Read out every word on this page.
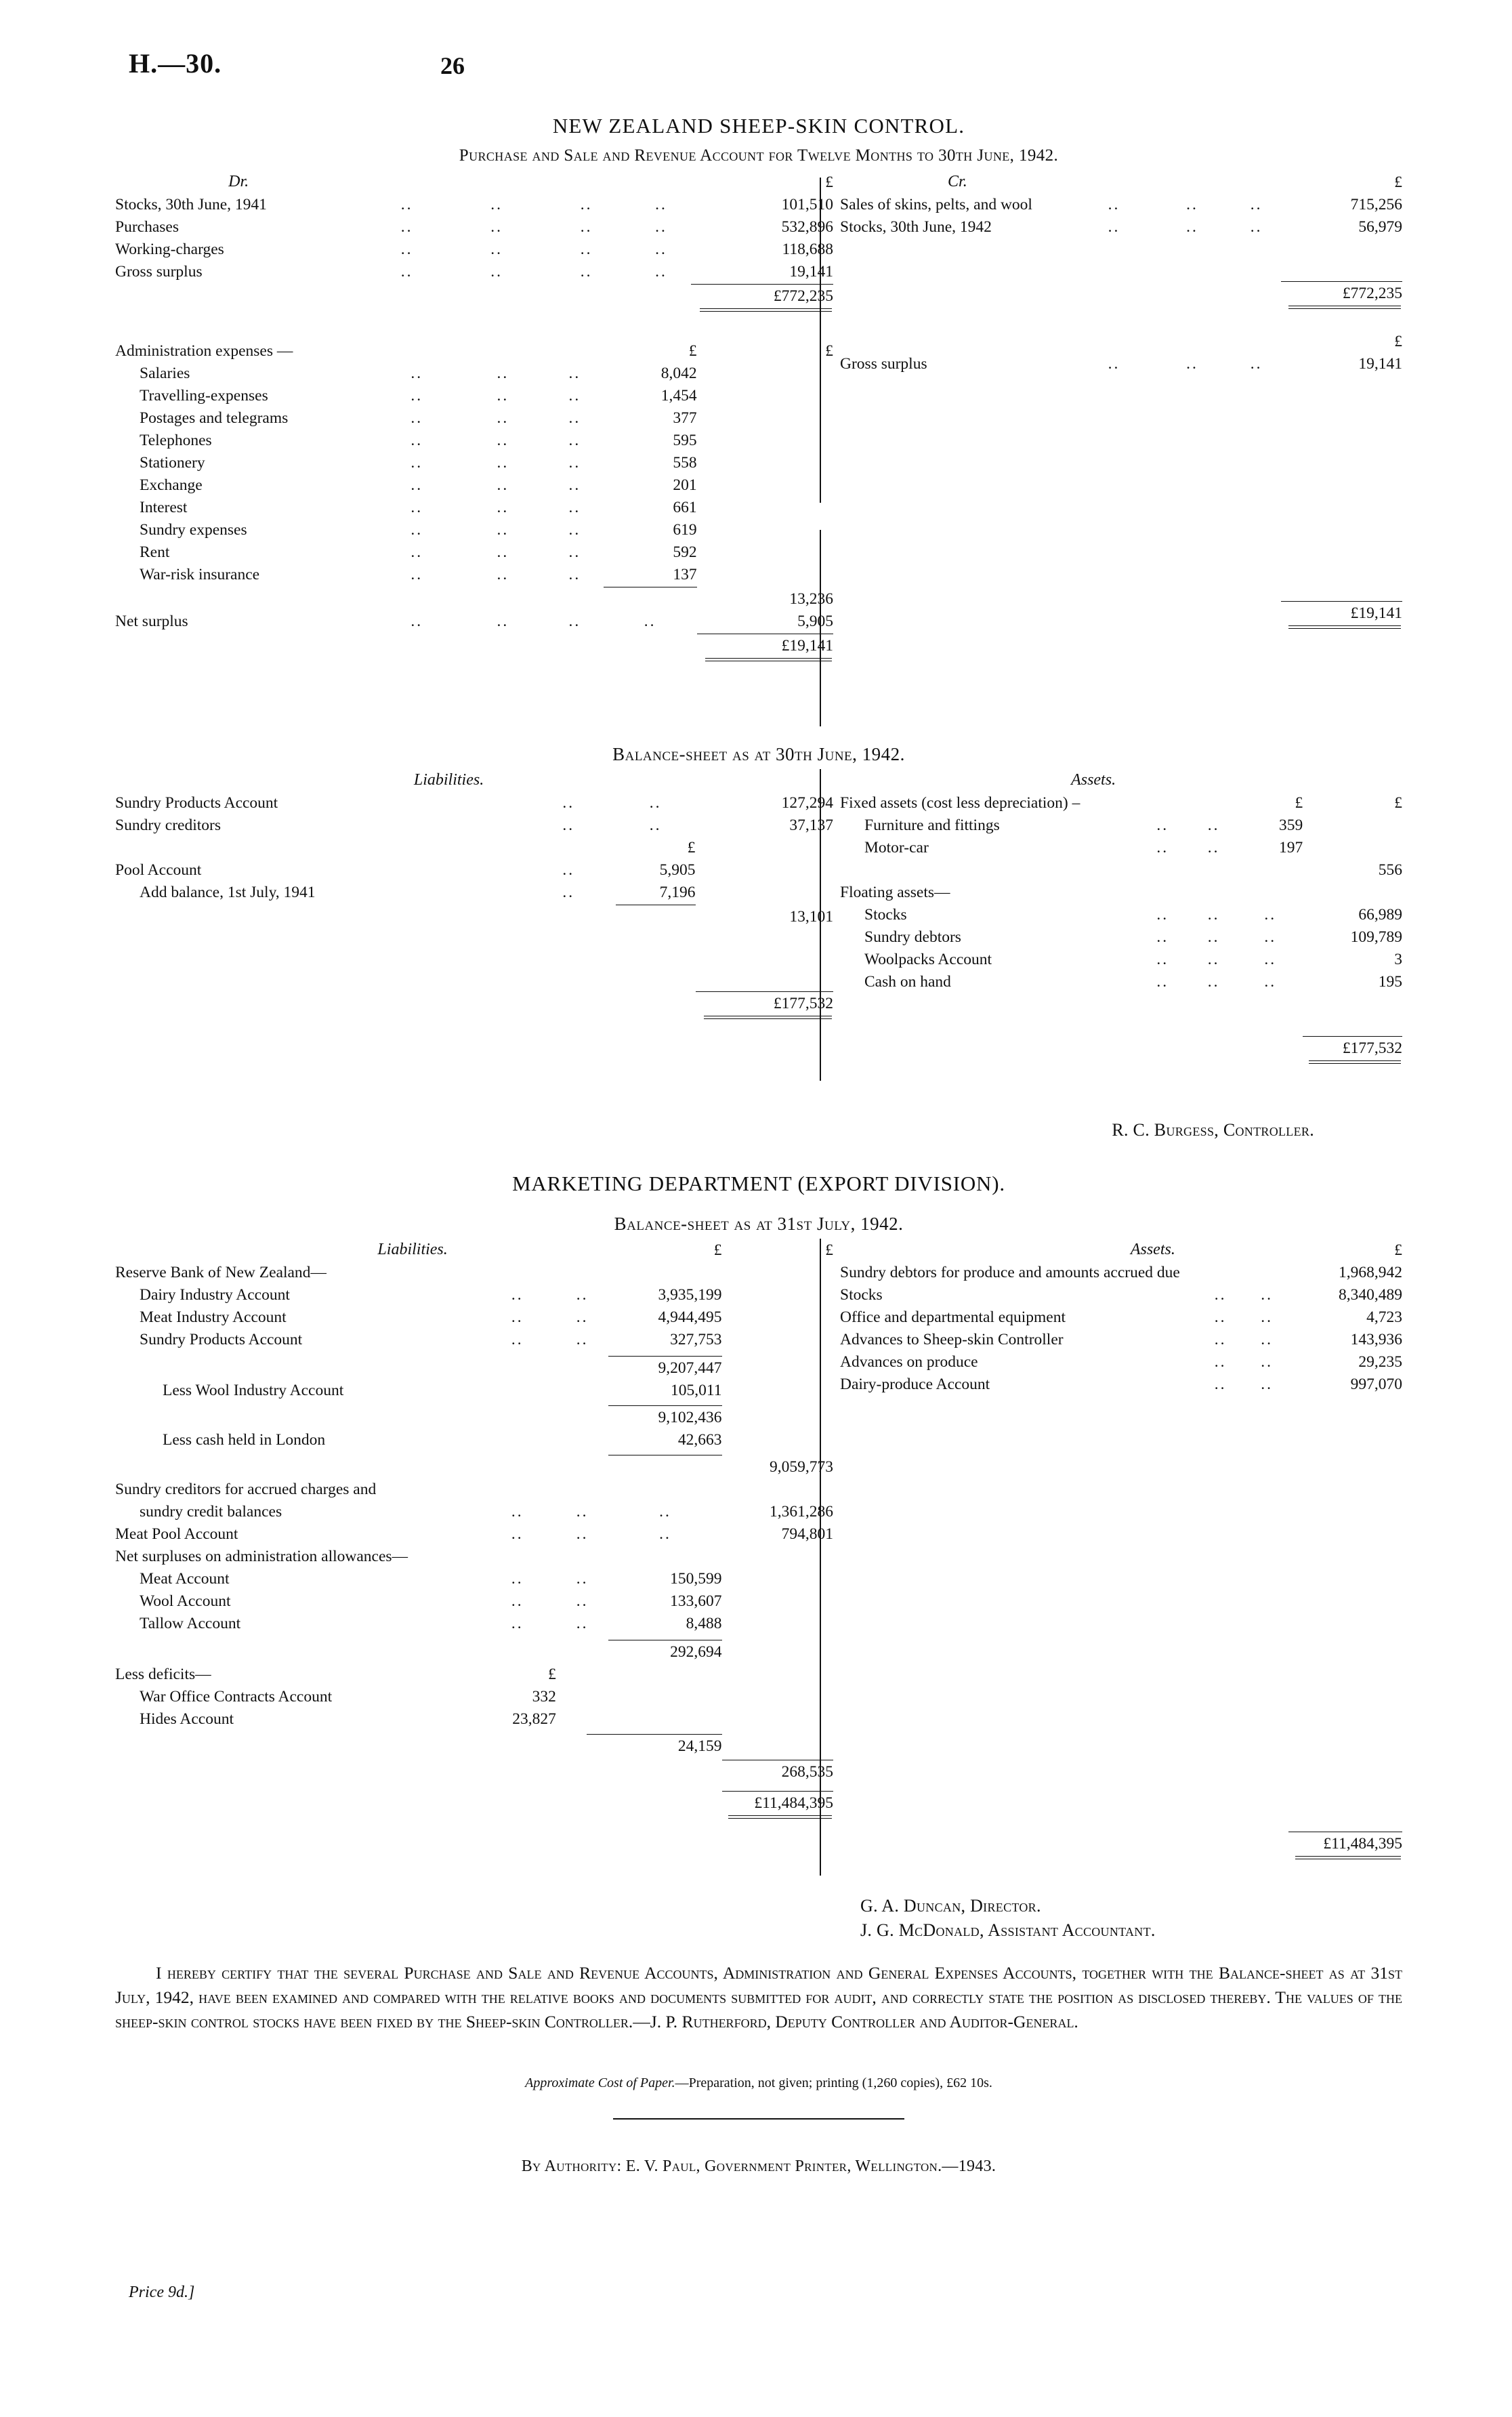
H.—30.	26
NEW ZEALAND SHEEP-SKIN CONTROL.
Purchase and Sale and Revenue Account for Twelve Months to 30th June, 1942.
Dr.					£
Stocks, 30th June, 1941	..	..	..	..	101,510
Purchases	..	..	..	..	532,896
Working-charges	..	..	..	..	118,688
Gross surplus	..	..	..	..	19,141

					£772,235
Administration expenses —				£	£
Salaries	..	..	..	8,042	
Travelling-expenses	..	..	..	1,454	
Postages and telegrams	..	..	..	377	
Telephones	..	..	..	595	
Stationery	..	..	..	558	
Exchange	..	..	..	201	
Interest	..	..	..	661	
Sundry expenses	..	..	..	619	
Rent	..	..	..	592	
War-risk insurance	..	..	..	137	

					13,236
Net surplus	..	..	..	..	5,905

					£19,141
Cr.				£
Sales of skins, pelts, and wool	..	..	..	715,256
Stocks, 30th June, 1942	..	..	..	56,979

				£772,235
				£
Gross surplus	..	..	..	19,141

				£19,141
Balance-sheet as at 30th June, 1942.
	Liabilities.			
Sundry Products Account		..	..	127,294
Sundry creditors		..	..	37,137
			£	
Pool Account		..	5,905	
Add balance, 1st July, 1941		..	7,196	

				13,101

				£177,532
	Assets.				
Fixed assets (cost less depreciation) –				£	£
Furniture and fittings		..	..	359	
Motor-car		..	..	197	
					556
Floating assets—					
Stocks		..	..	..	66,989
Sundry debtors		..	..	..	109,789
Woolpacks Account		..	..	..	3
Cash on hand		..	..	..	195

					£177,532
R. C. Burgess, Controller.
MARKETING DEPARTMENT (EXPORT DIVISION).
Balance-sheet as at 31st July, 1942.
	Liabilities.			£	£
Reserve Bank of New Zealand—					
Dairy Industry Account		..	..	3,935,199	
Meat Industry Account		..	..	4,944,495	
Sundry Products Account		..	..	327,753	

				9,207,447	
Less Wool Industry Account				105,011	

				9,102,436	
Less cash held in London				42,663	

					9,059,773
Sundry creditors for accrued charges and					
sundry credit balances		..	..	..	1,361,286
Meat Pool Account		..	..	..	794,801
Net surpluses on administration allowances—					
Meat Account		..	..	150,599	
Wool Account		..	..	133,607	
Tallow Account		..	..	8,488	

				292,694	
Less deficits—		£			
War Office Contracts Account		332			
Hides Account		23,827			

				24,159	

					268,535

					£11,484,395
	Assets.			£
Sundry debtors for produce and amounts accrued due				1,968,942
Stocks		..	..	8,340,489
Office and departmental equipment		..	..	4,723
Advances to Sheep-skin Controller		..	..	143,936
Advances on produce		..	..	29,235
Dairy-produce Account		..	..	997,070

				£11,484,395
G. A. Duncan, Director.
J. G. McDonald, Assistant Accountant.
I hereby certify that the several Purchase and Sale and Revenue Accounts, Administration and General Expenses Accounts, together with the Balance-sheet as at 31st July, 1942, have been examined and compared with the relative books and documents submitted for audit, and correctly state the position as disclosed thereby. The values of the sheep-skin control stocks have been fixed by the Sheep-skin Controller.—J. P. Rutherford, Deputy Controller and Auditor-General.
Approximate Cost of Paper.—Preparation, not given; printing (1,260 copies), £62 10s.
By Authority: E. V. Paul, Government Printer, Wellington.—1943.
Price 9d.]
